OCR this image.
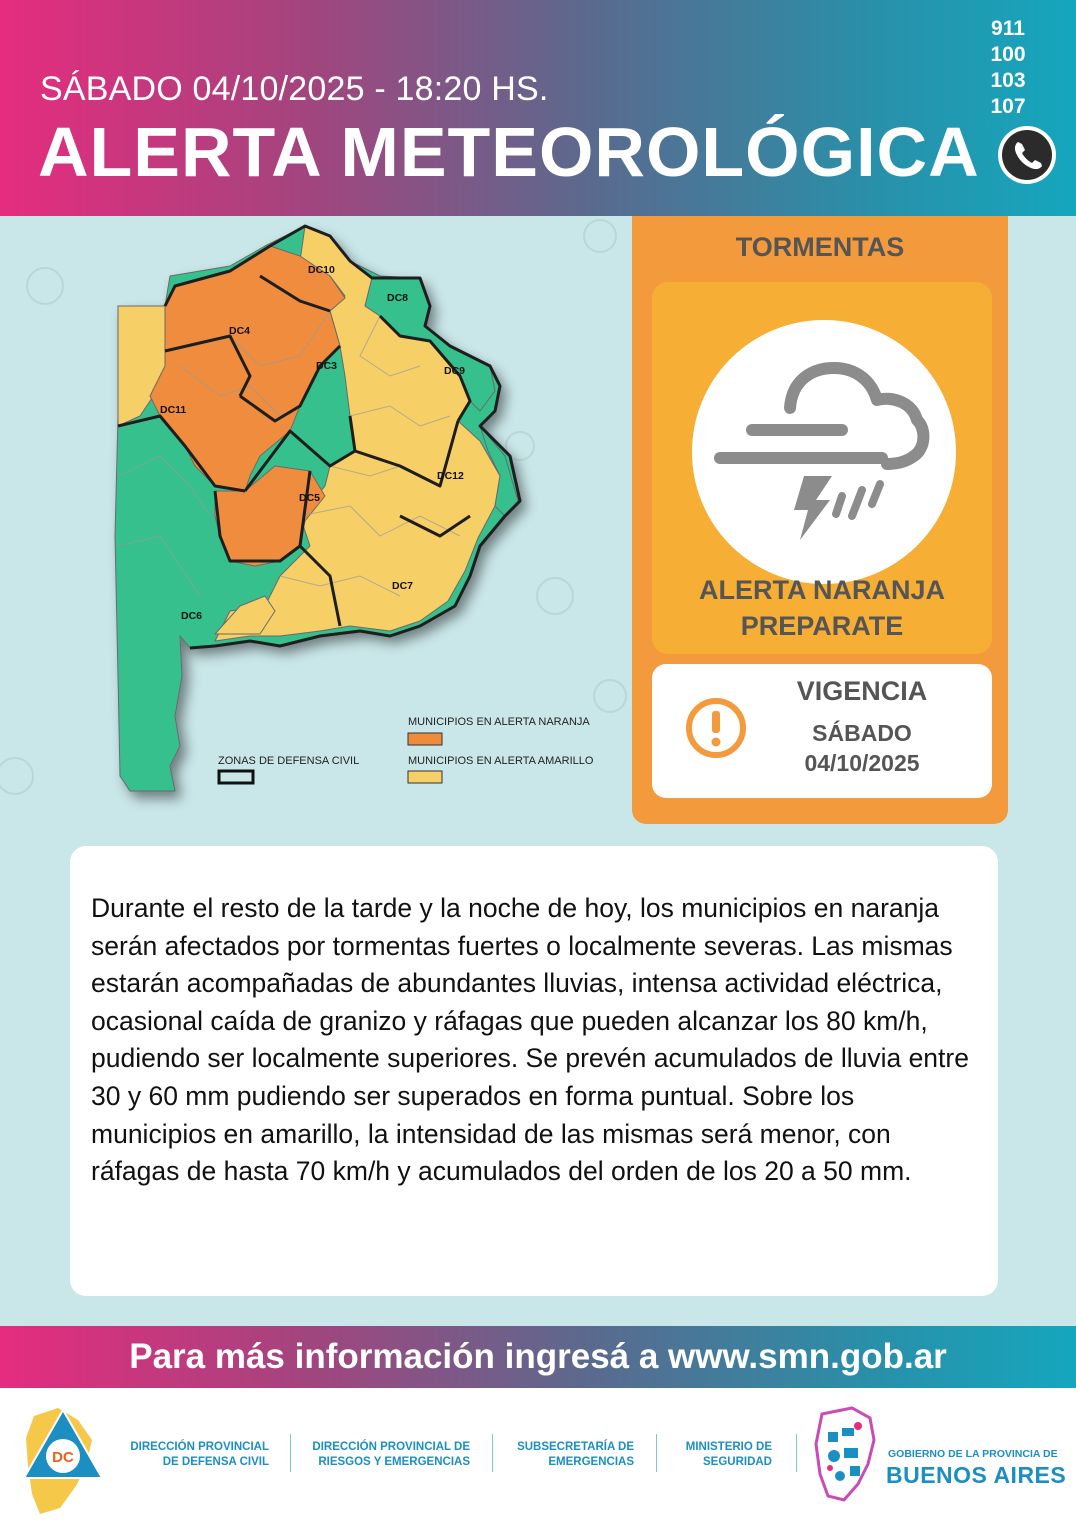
SÁBADO 04/10/2025 - 18:20 HS.
ALERTA METEOROLÓGICA
911
100
103
107
DC10
DC8
DC4
DC3	DC9
DC11
DC12
DC5
DC7
DC6
MUNICIPIOS EN ALERTA NARANJA
ZONAS DE DEFENSA CIVIL	MUNICIPIOS EN ALERTA AMARILLO
TORMENTAS
ALERTA NARANJA
PREPARATE
VIGENCIA
SÁBADO
04/10/2025

Durante el resto de la tarde y la noche de hoy, los municipios en naranja serán afectados por tormentas fuertes o localmente severas. Las mismas estarán acompañadas de abundantes lluvias, intensa actividad eléctrica, ocasional caída de granizo y ráfagas que pueden alcanzar los 80 km/h, pudiendo ser localmente superiores. Se prevén acumulados de lluvia entre 30 y 60 mm pudiendo ser superados en forma puntual. Sobre los municipios en amarillo, la intensidad de las mismas será menor, con ráfagas de hasta 70 km/h y acumulados del orden de los 20 a 50 mm.

Para más información ingresá a www.smn.gob.ar
DC
DIRECCIÓN PROVINCIAL
DE DEFENSA CIVIL
DIRECCIÓN PROVINCIAL DE
RIESGOS Y EMERGENCIAS
SUBSECRETARÍA DE
EMERGENCIAS
MINISTERIO DE
SEGURIDAD
GOBIERNO DE LA PROVINCIA DE
BUENOS AIRES
